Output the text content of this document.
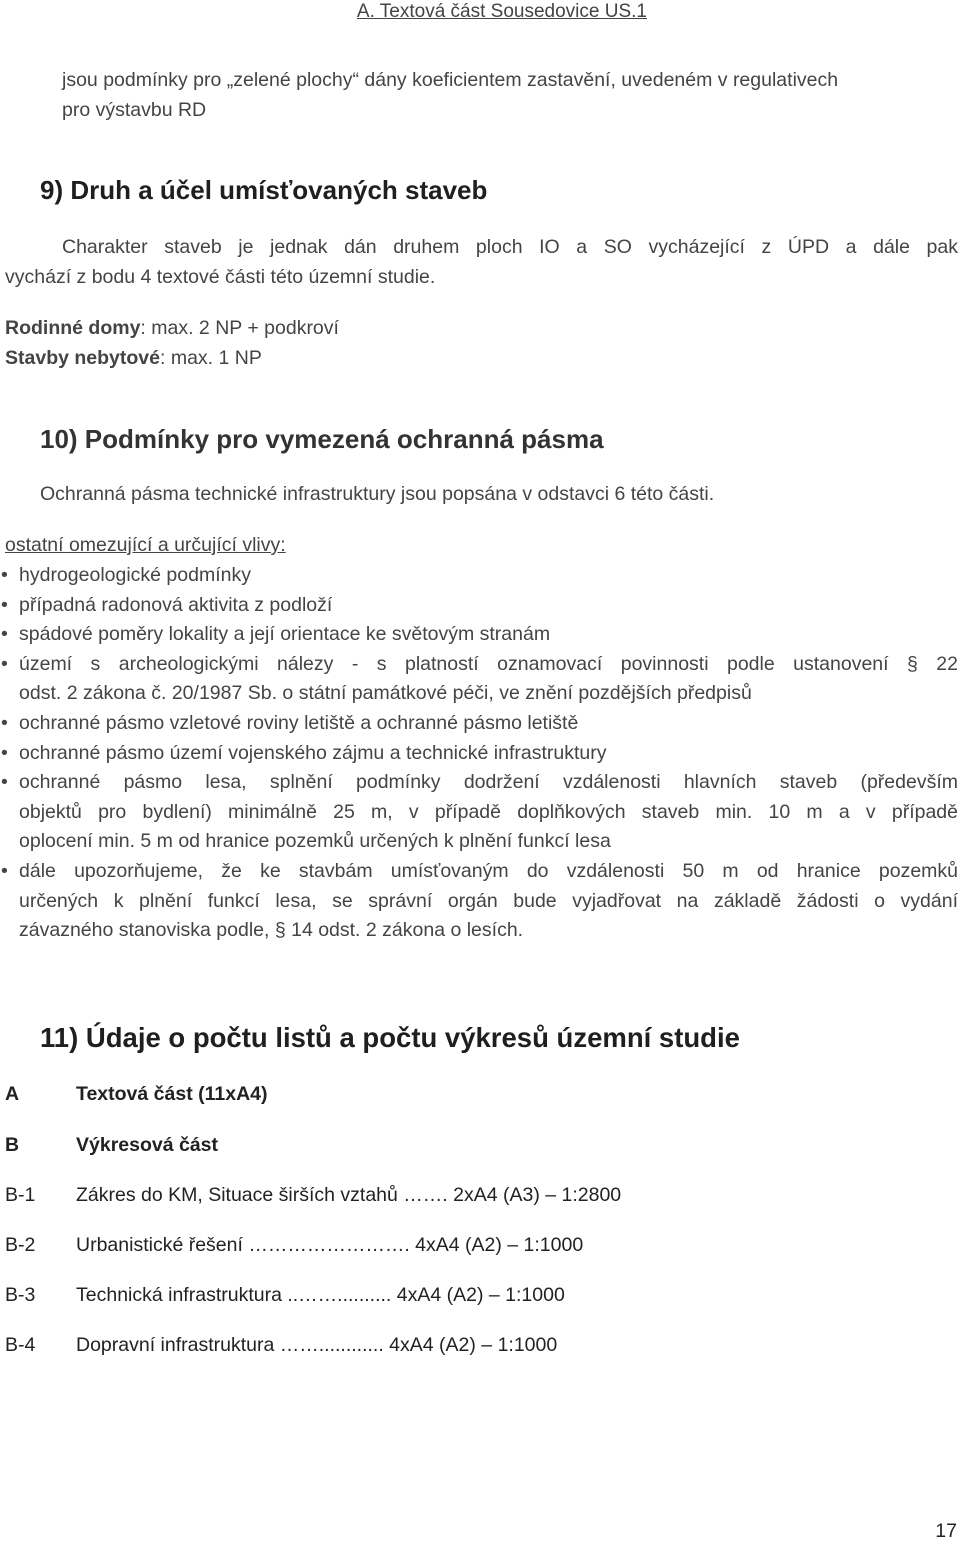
A. Textová část Sousedovice US.1
jsou podmínky pro „zelené plochy“ dány koeficientem zastavění, uvedeném v regulativech
pro výstavbu RD
9) Druh a účel umísťovaných staveb
Charakter staveb je jednak dán druhem ploch IO a SO vycházející z ÚPD a dále pak
vychází z bodu 4 textové části této územní studie.
Rodinné domy: max. 2 NP + podkroví
Stavby nebytové: max. 1 NP
10) Podmínky pro vymezená ochranná pásma
Ochranná pásma technické infrastruktury jsou popsána v odstavci 6 této části.
ostatní omezující a určující vlivy:
• hydrogeologické podmínky
• případná radonová aktivita z podloží
• spádové poměry lokality a její orientace ke světovým stranám
• území s archeologickými nálezy - s platností oznamovací povinnosti podle ustanovení § 22
odst. 2 zákona č. 20/1987 Sb. o státní památkové péči, ve znění pozdějších předpisů
• ochranné pásmo vzletové roviny letiště a ochranné pásmo letiště
• ochranné pásmo území vojenského zájmu a technické infrastruktury
• ochranné pásmo lesa, splnění podmínky dodržení vzdálenosti hlavních staveb (především
objektů pro bydlení) minimálně 25 m, v případě doplňkových staveb min. 10 m a v případě
oplocení min. 5 m od hranice pozemků určených k plnění funkcí lesa
• dále upozorňujeme, že ke stavbám umísťovaným do vzdálenosti 50 m od hranice pozemků
určených k plnění funkcí lesa, se správní orgán bude vyjadřovat na základě žádosti o vydání
závazného stanoviska podle, § 14 odst. 2 zákona o lesích.
11) Údaje o počtu listů a počtu výkresů územní studie
A	Textová část (11xA4)
B	Výkresová část
B-1 Zákres do KM, Situace širších vztahů ……. 2xA4 (A3) – 1:2800
B-2 Urbanistické řešení ……………………. 4xA4 (A2) – 1:1000
B-3 Technická infrastruktura ..…….......... 4xA4 (A2) – 1:1000
B-4 Dopravní infrastruktura ……............ 4xA4 (A2) – 1:1000
17
